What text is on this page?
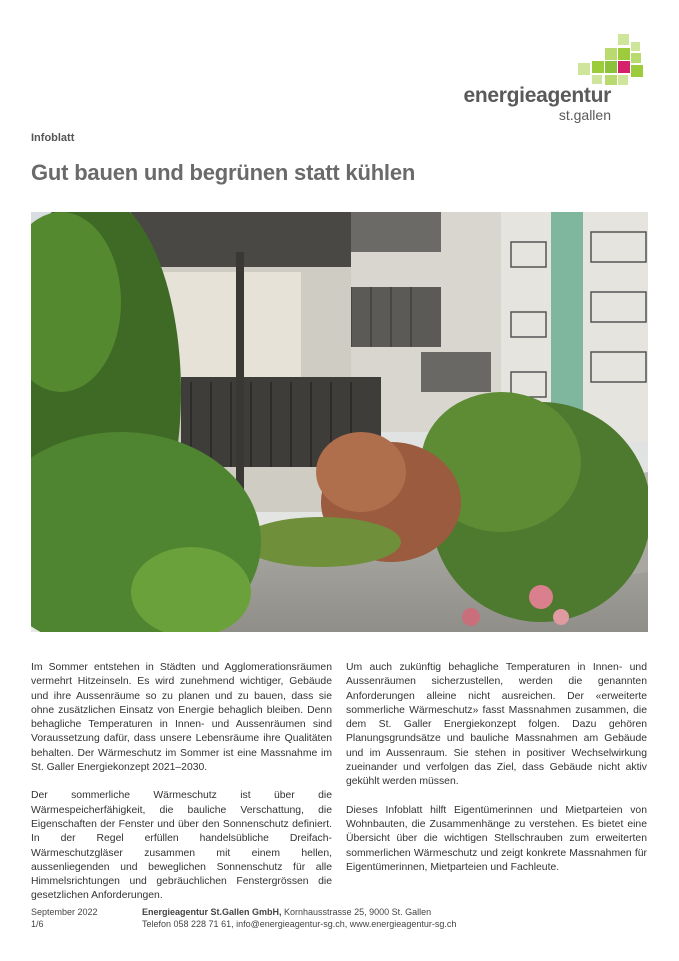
energieagentur
st.gallen
Infoblatt
Gut bauen und begrünen statt kühlen

Im Sommer entstehen in Städten und Agglomerationsräumen vermehrt Hitzeinseln. Es wird zunehmend wichtiger, Gebäude und ihre Aussenräume so zu planen und zu bauen, dass sie ohne zusätzlichen Einsatz von Energie behaglich bleiben. Denn behagliche Temperaturen in Innen- und Aussenräumen sind Voraussetzung dafür, dass unsere Lebensräume ihre Qualitäten behalten. Der Wärmeschutz im Sommer ist eine Massnahme im St. Galler Energiekonzept 2021–2030.

Der sommerliche Wärmeschutz ist über die Wärmespeicherfähigkeit, die bauliche Verschattung, die Eigenschaften der Fenster und über den Sonnenschutz definiert. In der Regel erfüllen handelsübliche Dreifach-Wärmeschutzgläser zusammen mit einem hellen, aussenliegenden und beweglichen Sonnenschutz für alle Himmelsrichtungen und gebräuchlichen Fenstergrössen die gesetzlichen Anforderungen.

Um auch zukünftig behagliche Temperaturen in Innen- und Aussenräumen sicherzustellen, werden die genannten Anforderungen alleine nicht ausreichen. Der «erweiterte sommerliche Wärmeschutz» fasst Massnahmen zusammen, die dem St. Galler Energiekonzept folgen. Dazu gehören Planungsgrundsätze und bauliche Massnahmen am Gebäude und im Aussenraum. Sie stehen in positiver Wechselwirkung zueinander und verfolgen das Ziel, dass Gebäude nicht aktiv gekühlt werden müssen.

Dieses Infoblatt hilft Eigentümerinnen und Mietparteien von Wohnbauten, die Zusammenhänge zu verstehen. Es bietet eine Übersicht über die wichtigen Stellschrauben zum erweiterten sommerlichen Wärmeschutz und zeigt konkrete Massnahmen für Eigentümerinnen, Mietparteien und Fachleute.

September 2022
1/6
Energieagentur St.Gallen GmbH, Kornhausstrasse 25, 9000 St. Gallen
Telefon 058 228 71 61, info@energieagentur-sg.ch, www.energieagentur-sg.ch
